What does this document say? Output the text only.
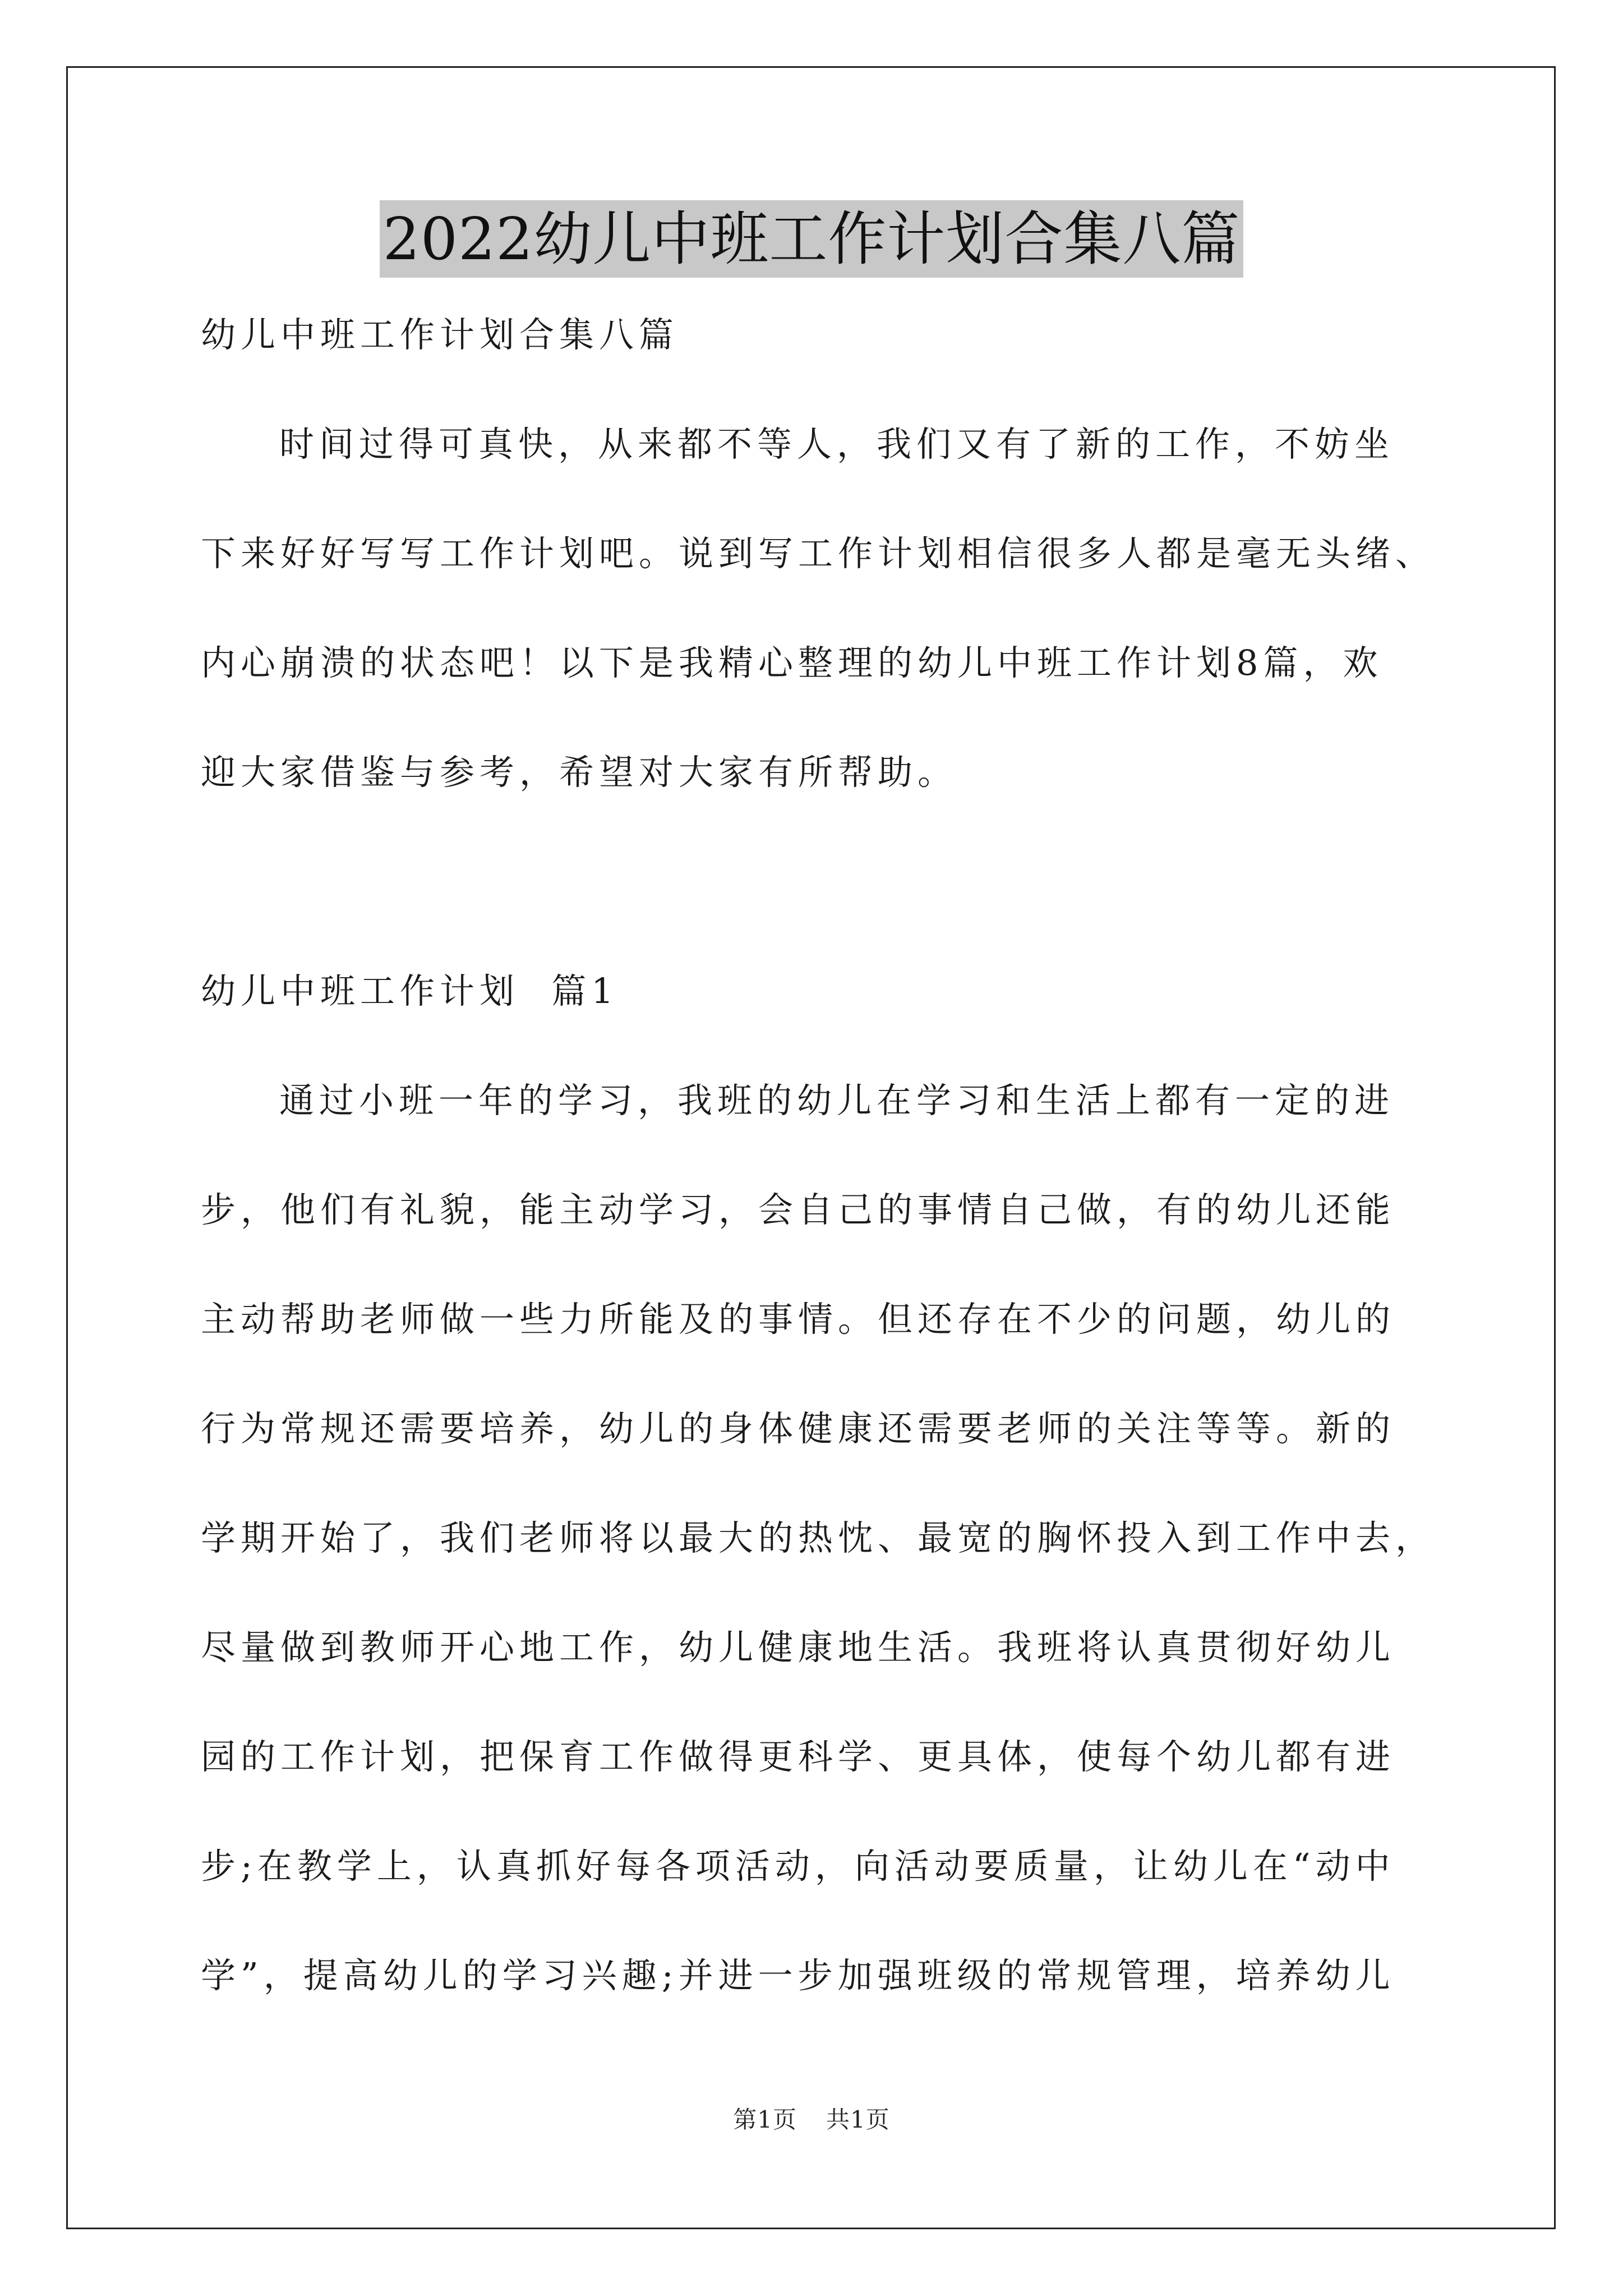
2022幼儿中班工作计划合集八篇
幼儿中班工作计划合集八篇
时间过得可真快，从来都不等人，我们又有了新的工作，不妨坐
下来好好写写工作计划吧。说到写工作计划相信很多人都是毫无头绪、
内心崩溃的状态吧！以下是我精心整理的幼儿中班工作计划8篇，欢
迎大家借鉴与参考，希望对大家有所帮助。
幼儿中班工作计划  篇1
通过小班一年的学习，我班的幼儿在学习和生活上都有一定的进
步，他们有礼貌，能主动学习，会自己的事情自己做，有的幼儿还能
主动帮助老师做一些力所能及的事情。但还存在不少的问题，幼儿的
行为常规还需要培养，幼儿的身体健康还需要老师的关注等等。新的
学期开始了，我们老师将以最大的热忱、最宽的胸怀投入到工作中去，
尽量做到教师开心地工作，幼儿健康地生活。我班将认真贯彻好幼儿
园的工作计划，把保育工作做得更科学、更具体，使每个幼儿都有进
步;在教学上，认真抓好每各项活动，向活动要质量，让幼儿在“动中
学”，提高幼儿的学习兴趣;并进一步加强班级的常规管理，培养幼儿
第1页 共1页
